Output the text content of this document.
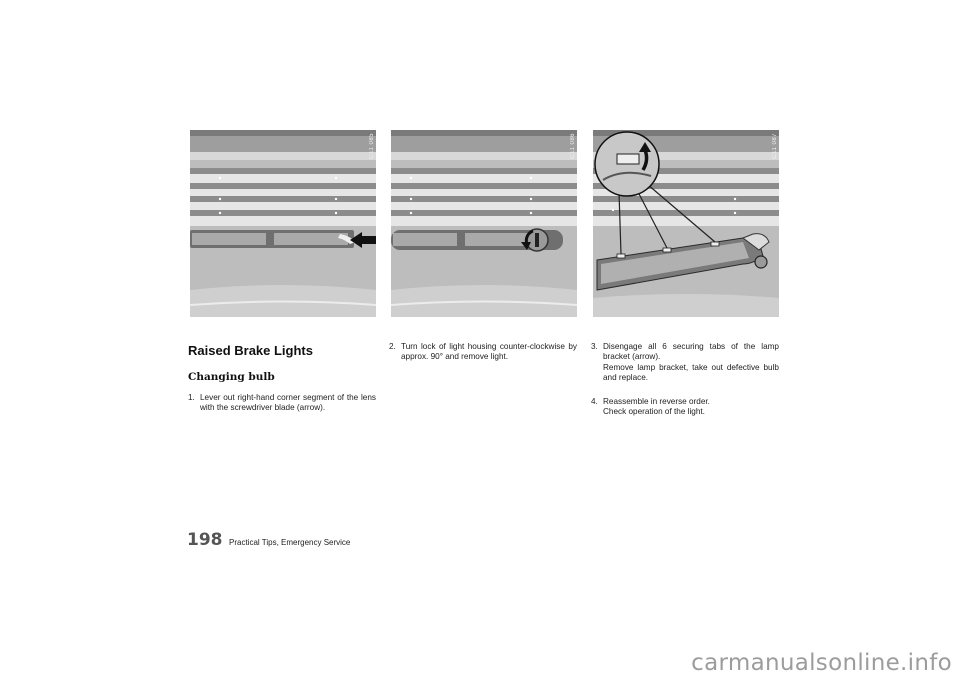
C11 085	C11 086	C11 087
Raised Brake Lights
Changing bulb
1. Lever out right-hand corner segment of the lens with the screwdriver blade (arrow).
2. Turn lock of light housing counter-clockwise by approx. 90° and remove light.
3. Disengage all 6 securing tabs of the lamp bracket (arrow).
Remove lamp bracket, take out defective bulb and replace.
4. Reassemble in reverse order.
Check operation of the light.
198 Practical Tips, Emergency Service
carmanualsonline.info
